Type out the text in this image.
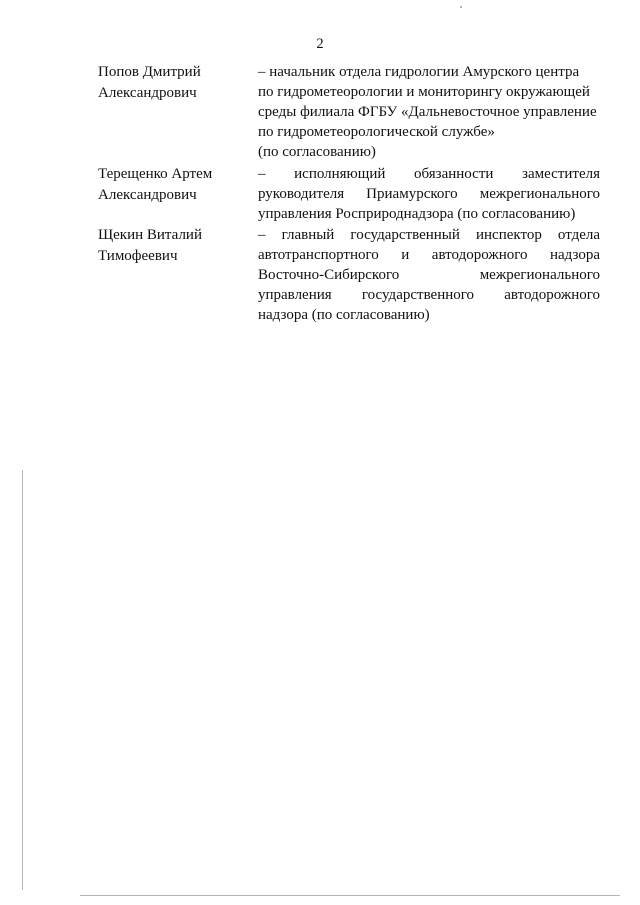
2
Попов Дмитрий
Александрович
– начальник отдела гидрологии Амурского центра
по гидрометеорологии и мониторингу окружающей
среды филиала ФГБУ «Дальневосточное управление
по гидрометеорологической службе»
(по согласованию)
Терещенко Артем
Александрович
– исполняющий обязанности заместителя
руководителя Приамурского межрегионального
управления Росприроднадзора (по согласованию)
Щекин Виталий
Тимофеевич
– главный государственный инспектор отдела
автотранспортного и автодорожного надзора
Восточно-Сибирского межрегионального
управления государственного автодорожного
надзора (по согласованию)
